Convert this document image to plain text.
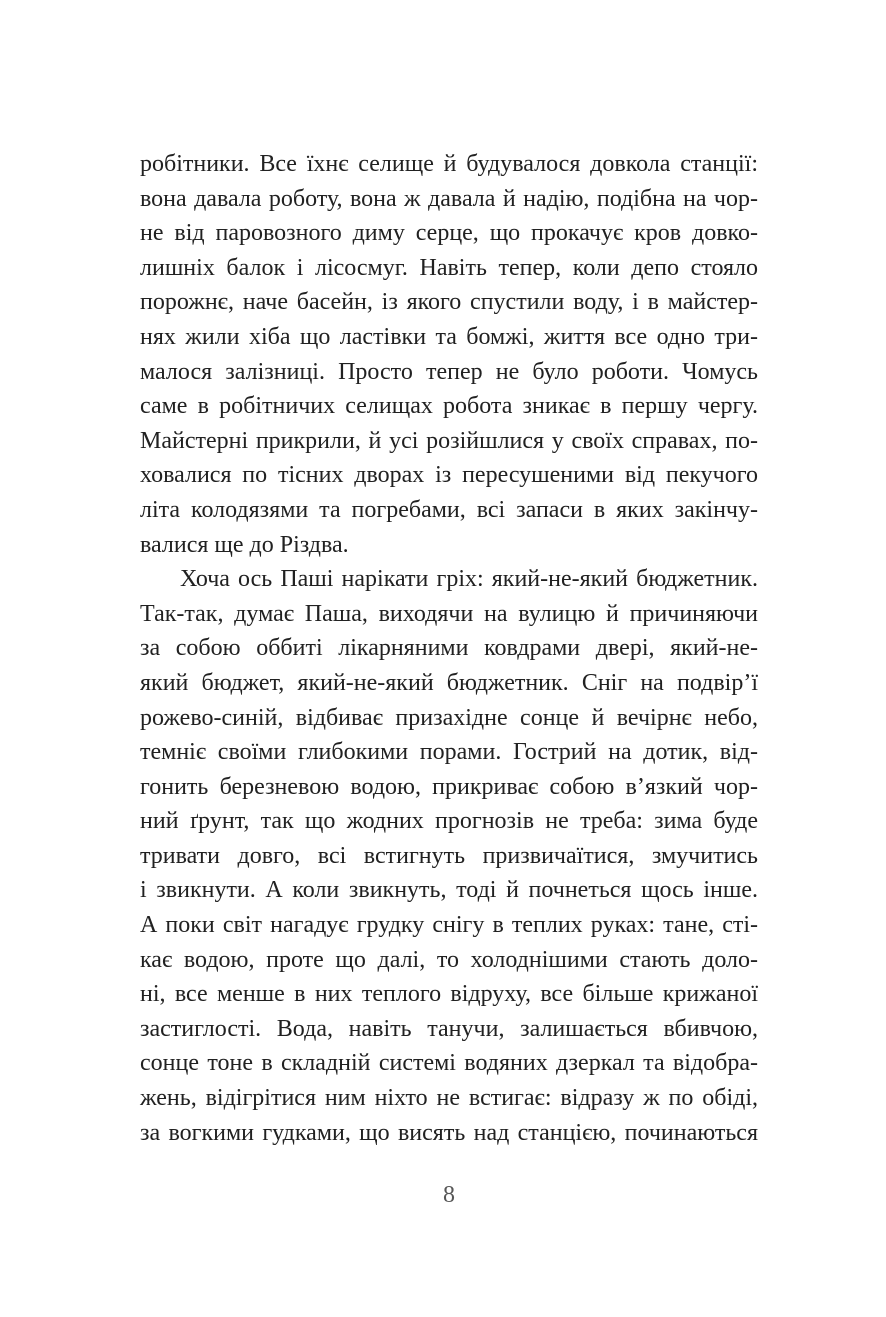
робітники. Все їхнє селище й будувалося довкола станції:
вона давала роботу, вона ж давала й надію, подібна на чор-
не від паровозного диму серце, що прокачує кров довко-
лишніх балок і лісосмуг. Навіть тепер, коли депо стояло
порожнє, наче басейн, із якого спустили воду, і в майстер-
нях жили хіба що ластівки та бомжі, життя все одно три-
малося залізниці. Просто тепер не було роботи. Чомусь
саме в робітничих селищах робота зникає в першу чергу.
Майстерні прикрили, й усі розійшлися у своїх справах, по-
ховалися по тісних дворах із пересушеними від пекучого
літа колодязями та погребами, всі запаси в яких закінчу-
валися ще до Різдва.
Хоча ось Паші нарікати гріх: який-не-який бюджетник.
Так-так, думає Паша, виходячи на вулицю й причиняючи
за собою оббиті лікарняними ковдрами двері, який-не-
який бюджет, який-не-який бюджетник. Сніг на подвір’ї
рожево-синій, відбиває призахідне сонце й вечірнє небо,
темніє своїми глибокими порами. Гострий на дотик, від-
гонить березневою водою, прикриває собою в’язкий чор-
ний ґрунт, так що жодних прогнозів не треба: зима буде
тривати довго, всі встигнуть призвичаїтися, змучитись
і звикнути. А коли звикнуть, тоді й почнеться щось інше.
А поки світ нагадує грудку снігу в теплих руках: тане, сті-
кає водою, проте що далі, то холоднішими стають доло-
ні, все менше в них теплого відруху, все більше крижаної
застиглості. Вода, навіть танучи, залишається вбивчою,
сонце тоне в складній системі водяних дзеркал та відобра-
жень, відігрітися ним ніхто не встигає: відразу ж по обіді,
за вогкими гудками, що висять над станцією, починаються
8
